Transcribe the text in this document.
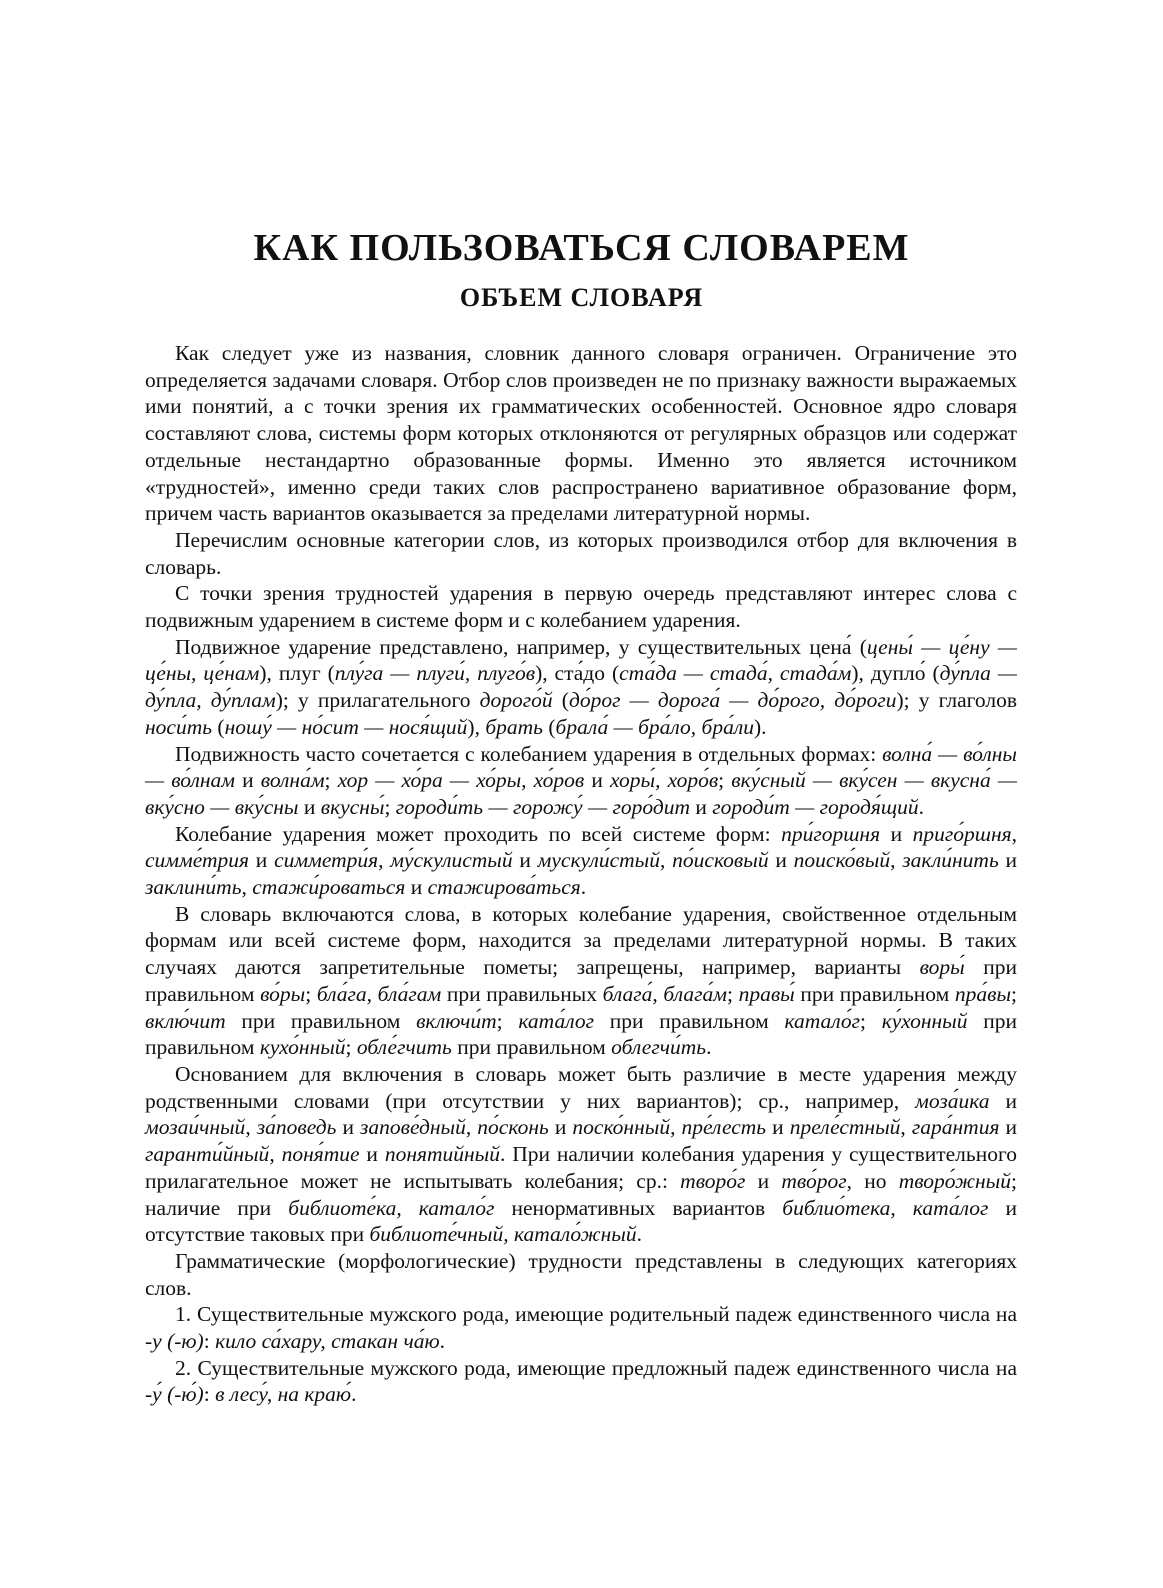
КАК ПОЛЬЗОВАТЬСЯ СЛОВАРЕМ
ОБЪЕМ СЛОВАРЯ

Как следует уже из названия, словник данного словаря ограничен. Ограничение это определяется задачами словаря. Отбор слов произведен не по признаку важности выражаемых ими понятий, а с точки зрения их грамматических особенностей. Основное ядро словаря составляют слова, системы форм которых отклоняются от регулярных образцов или содержат отдельные нестандартно образованные формы. Именно это является источником «трудностей», именно среди таких слов распространено вариативное образование форм, причем часть вариантов оказывается за пределами литературной нормы.

Перечислим основные категории слов, из которых производился отбор для включения в словарь.

С точки зрения трудностей ударения в первую очередь представляют интерес слова с подвижным ударением в системе форм и с колебанием ударения.

Подвижное ударение представлено, например, у существительных цена́ (цены́ — це́ну — це́ны, це́нам), плуг (плу́га — плуги́, плуго́в), ста́до (ста́да — стада́, стада́м), дупло́ (ду́пла — ду́пла, ду́плам); у прилагательного дорого́й (до́рог — дорога́ — до́рого, до́роги); у глаголов носи́ть (ношу́ — но́сит — нося́щий), брать (брала́ — бра́ло, бра́ли).

Подвижность часто сочетается с колебанием ударения в отдельных формах: волна́ — во́лны — во́лнам и волна́м; хор — хо́ра — хо́ры, хо́ров и хоры́, хоро́в; вку́сный — вку́сен — вкусна́ — вку́сно — вку́сны и вкусны́; городи́ть — горожу́ — горо́дит и городи́т — городя́щий.

Колебание ударения может проходить по всей системе форм: при́горшня и приго́ршня, симме́трия и симметри́я, му́скулистый и мускули́стый, по́исковый и поиско́вый, закли́нить и заклини́ть, стажи́роваться и стажирова́ться.

В словарь включаются слова, в которых колебание ударения, свойственное отдельным формам или всей системе форм, находится за пределами литературной нормы. В таких случаях даются запретительные пометы; запрещены, например, варианты воры́ при правильном во́ры; бла́га, бла́гам при правильных блага́, блага́м; правы́ при правильном пра́вы; вклю́чит при правильном включи́т; ката́лог при правильном катало́г; ку́хонный при правильном кухо́нный; обле́гчить при правильном облегчи́ть.

Основанием для включения в словарь может быть различие в месте ударения между родственными словами (при отсутствии у них вариантов); ср., например, моза́ика и мозаи́чный, за́поведь и запове́дный, по́сконь и поско́нный, пре́лесть и преле́стный, гара́нтия и гаранти́йный, поня́тие и понятийный. При наличии колебания ударения у существительного прилагательное может не испытывать колебания; ср.: творо́г и тво́рог, но творо́жный; наличие при библиоте́ка, катало́г ненормативных вариантов библио́тека, ката́лог и отсутствие таковых при библиоте́чный, катало́жный.

Грамматические (морфологические) трудности представлены в следующих категориях слов.

1. Существительные мужского рода, имеющие родительный падеж единственного числа на -у (-ю): кило са́хару, стакан ча́ю.

2. Существительные мужского рода, имеющие предложный падеж единственного числа на -у́ (-ю́): в лесу́, на краю́.
